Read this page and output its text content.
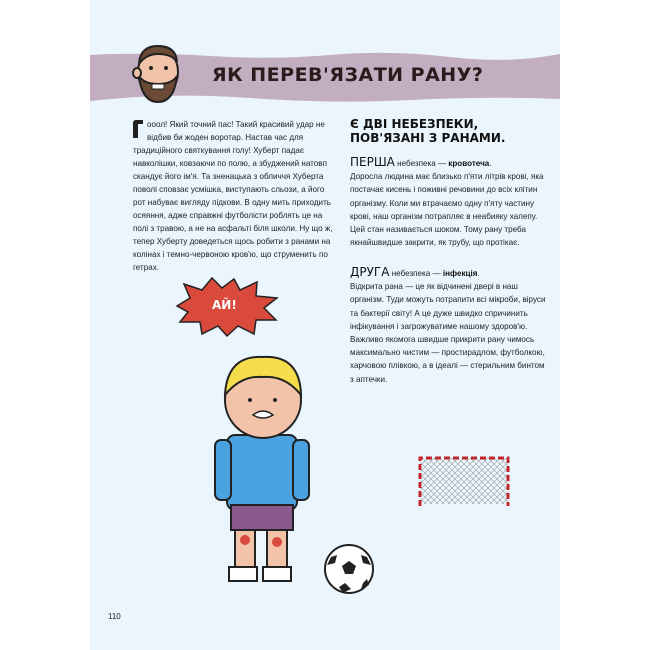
ЯК ПЕРЕВ'ЯЗАТИ РАНУ?
ооол! Який точний пас! Такий красивий удар не відбив би жоден воротар. Настав час для традиційного святкування голу! Хуберт падає навколішки, ковзаючи по полю, а збуджений натовп скандує його ім'я. Та зненацька з обличчя Хуберта поволі сповзає усмішка, виступають сльози, а його рот набуває вигляду підкови. В одну мить приходить осяяння, адже справжні футболісти роблять це на полі з травою, а не на асфальті біля школи. Ну що ж, тепер Хуберту доведеться щось робити з ранами на колінах і темно-червоною кров'ю, що струменить по гетрах.
Є ДВІ НЕБЕЗПЕКИ, ПОВ'ЯЗАНІ З РАНАМИ.
ПЕРША небезпека — кровотеча.
Доросла людина має близько п'яти літрів крові, яка постачає кисень і поживні речовини до всіх клітин організму. Коли ми втрачаємо одну п'яту частину крові, наш організм потрапляє в неабияку халепу. Цей стан називається шоком. Тому рану треба якнайшвидше закрити, як трубу, що протікає.
ДРУГА небезпека — інфекція.
Відкрита рана — це як відчинені двері в наш організм. Туди можуть потрапити всі мікроби, віруси та бактерії світу! А це дуже швидко спричинить інфікування і загрожуватиме нашому здоров'ю. Важливо якомога швидше прикрити рану чимось максимально чистим — простирадлом, футболкою, харчовою плівкою, а в ідеалі — стерильним бинтом з аптечки.
АЙ!
110
